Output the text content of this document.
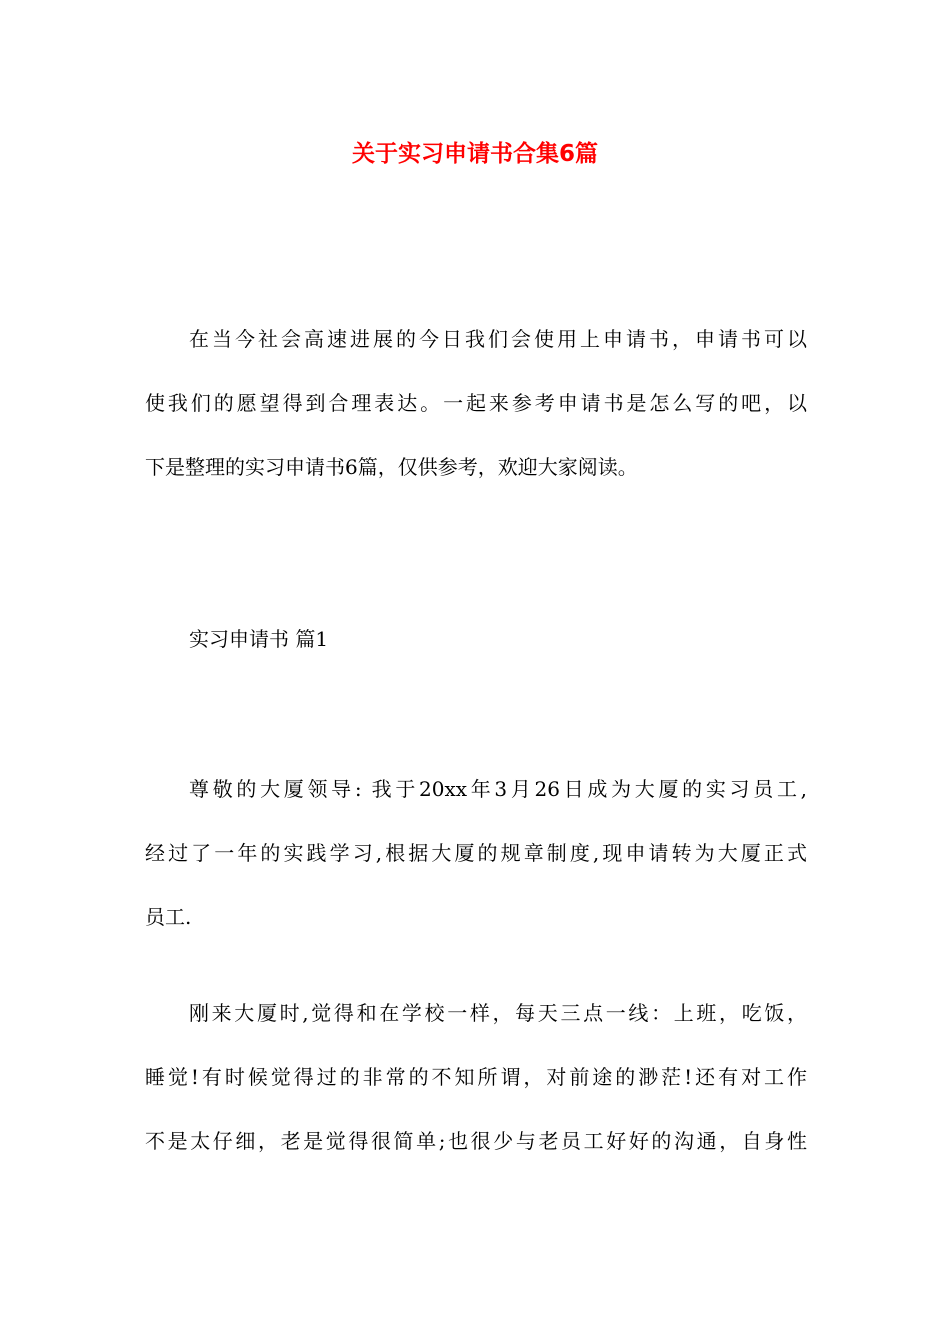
关于实习申请书合集6篇
在当今社会高速进展的今日我们会使用上申请书，申请书可以
使我们的愿望得到合理表达。一起来参考申请书是怎么写的吧，以
下是整理的实习申请书6篇，仅供参考，欢迎大家阅读。
实习申请书 篇1
尊敬的大厦领导: 我于20xx年3月26日成为大厦的实习员工,
经过了一年的实践学习,根据大厦的规章制度,现申请转为大厦正式
员工.
刚来大厦时,觉得和在学校一样，每天三点一线：上班，吃饭，
睡觉!有时候觉得过的非常的不知所谓，对前途的渺茫!还有对工作
不是太仔细，老是觉得很简单;也很少与老员工好好的沟通，自身性
